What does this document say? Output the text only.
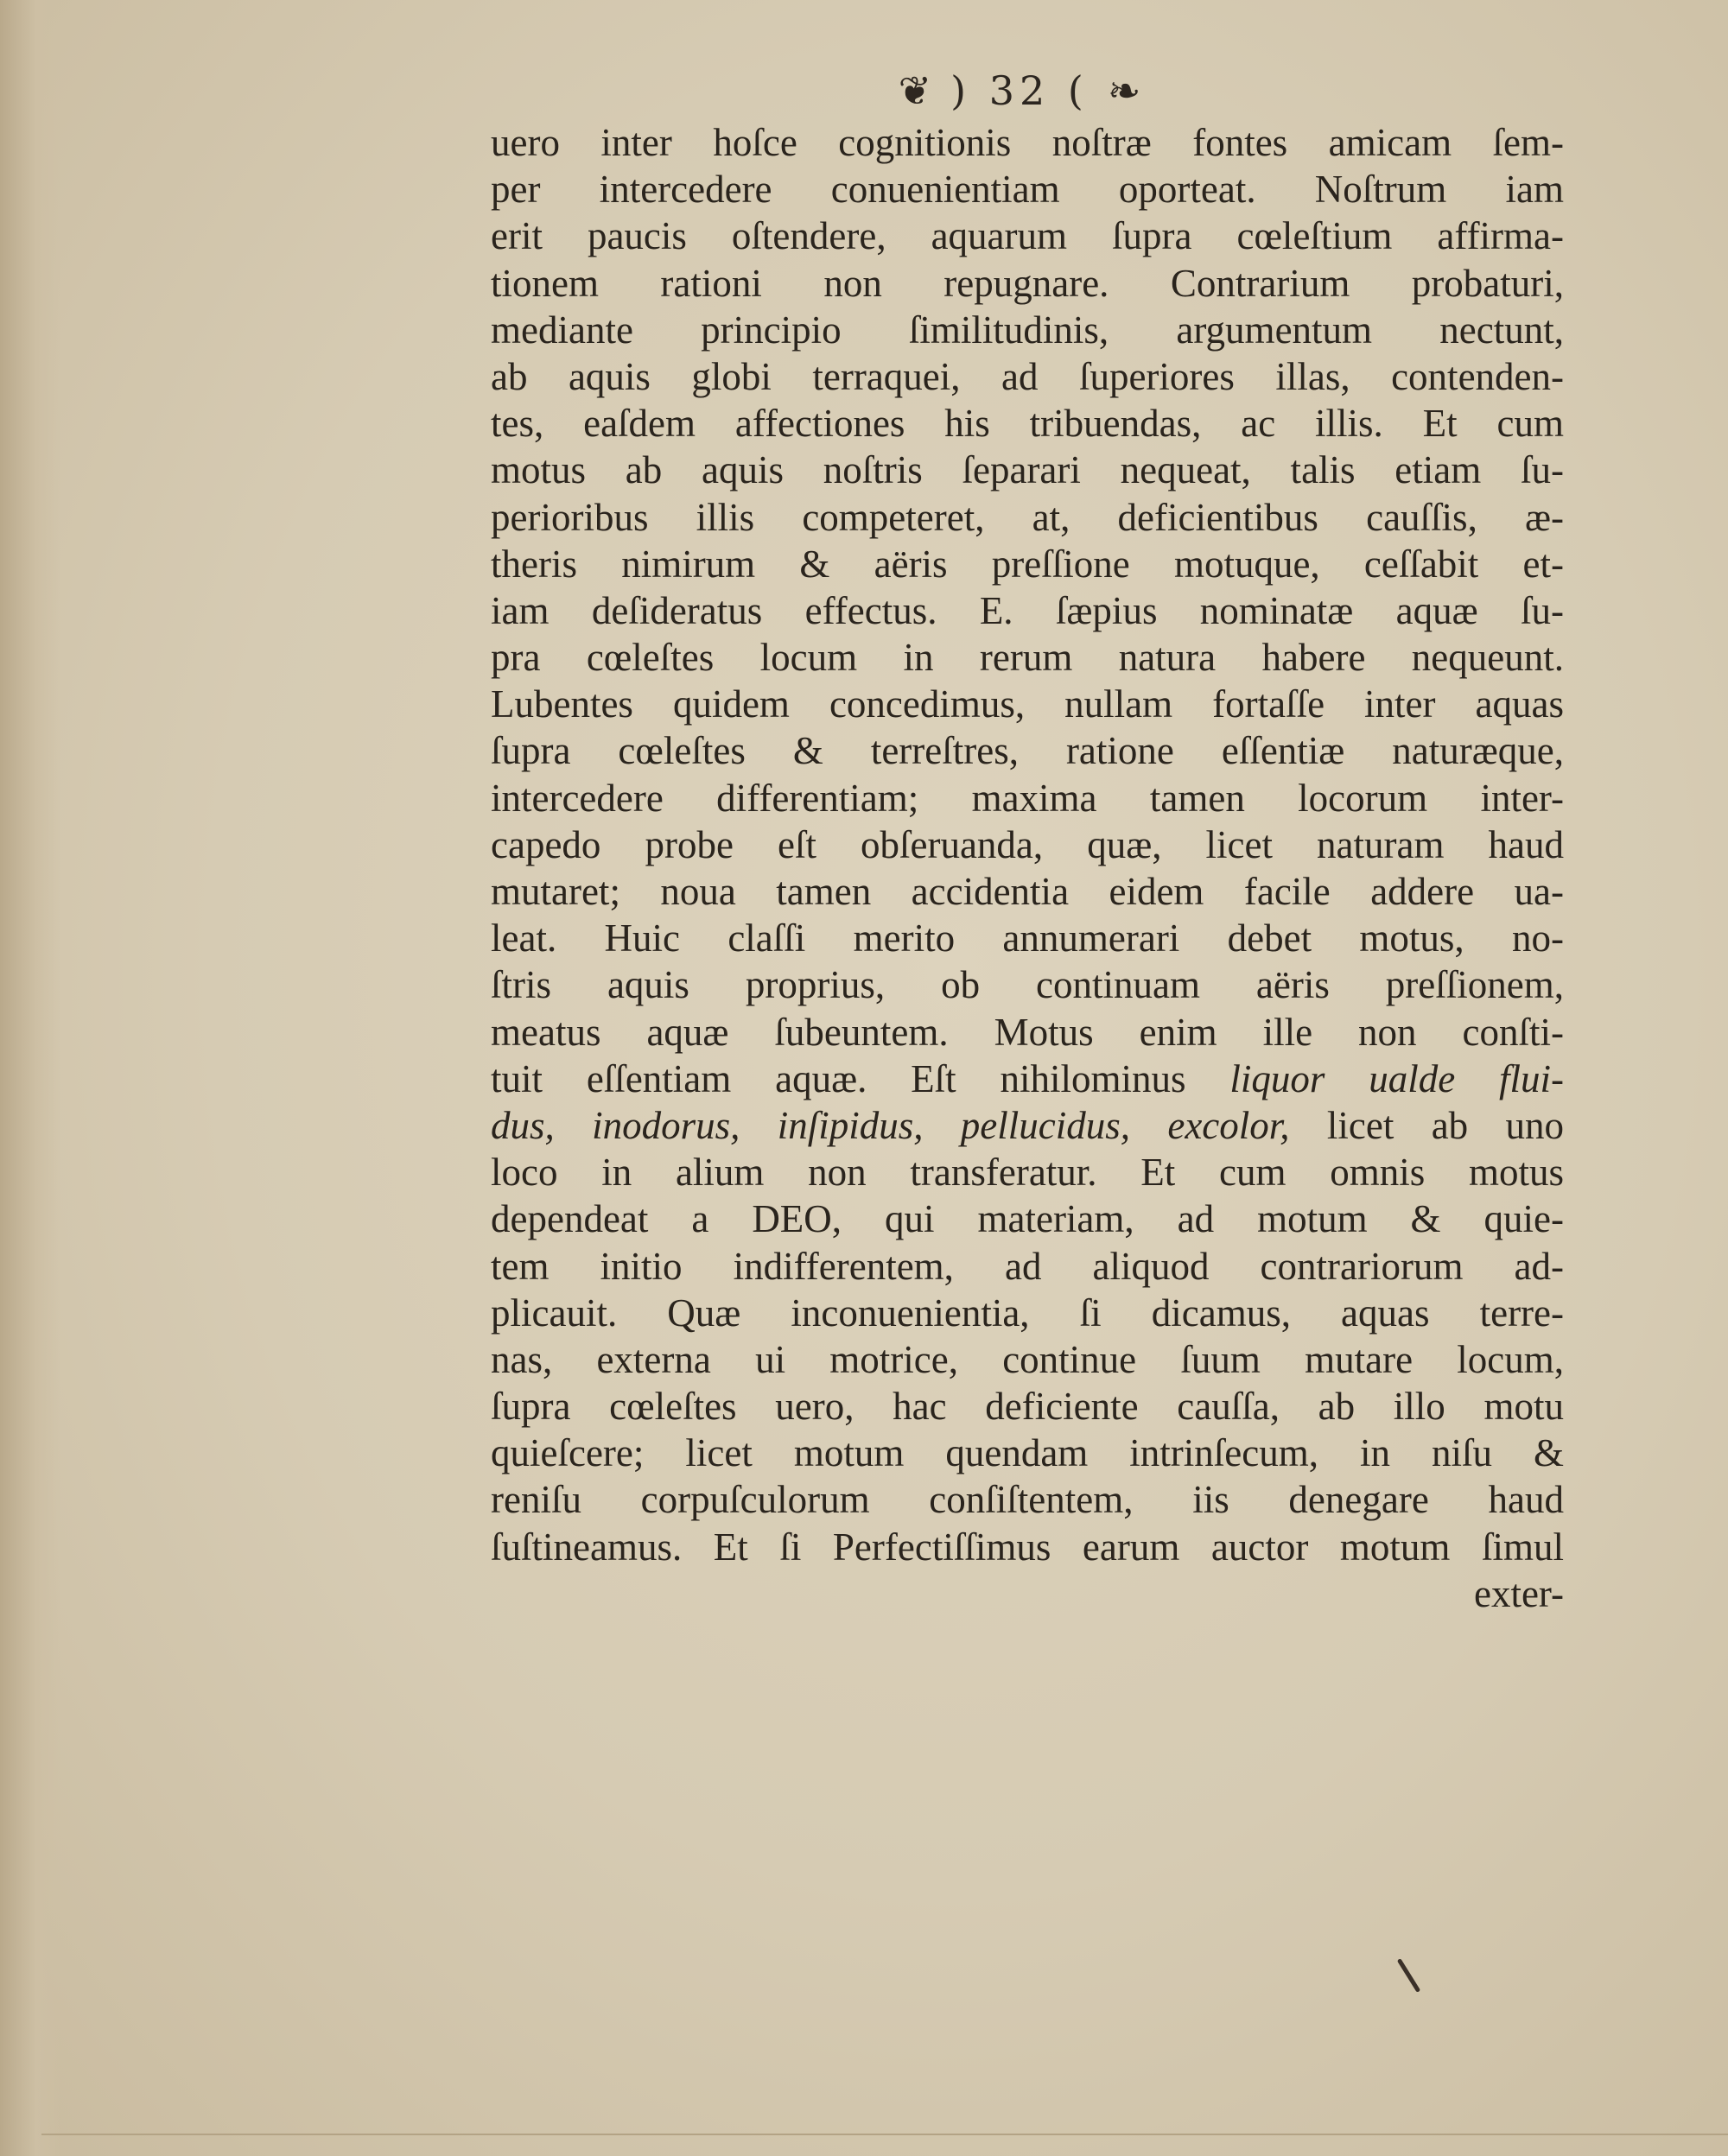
❦ ) 32 ( ❧
uero inter hoſce cognitionis noſtræ fontes amicam ſem-
per intercedere conuenientiam oporteat. Noſtrum iam
erit paucis oſtendere, aquarum ſupra cœleſtium affirma-
tionem rationi non repugnare. Contrarium probaturi,
mediante principio ſimilitudinis, argumentum nectunt,
ab aquis globi terraquei, ad ſuperiores illas, contenden-
tes, eaſdem affectiones his tribuendas, ac illis. Et cum
motus ab aquis noſtris ſeparari nequeat, talis etiam ſu-
perioribus illis competeret, at, deficientibus cauſſis, æ-
theris nimirum & aëris preſſione motuque, ceſſabit et-
iam deſideratus effectus. E. ſæpius nominatæ aquæ ſu-
pra cœleſtes locum in rerum natura habere nequeunt.
Lubentes quidem concedimus, nullam fortaſſe inter aquas
ſupra cœleſtes & terreſtres, ratione eſſentiæ naturæque,
intercedere differentiam; maxima tamen locorum inter-
capedo probe eſt obſeruanda, quæ, licet naturam haud
mutaret; noua tamen accidentia eidem facile addere ua-
leat. Huic claſſi merito annumerari debet motus, no-
ſtris aquis proprius, ob continuam aëris preſſionem,
meatus aquæ ſubeuntem. Motus enim ille non conſti-
tuit eſſentiam aquæ. Eſt nihilominus liquor ualde flui-
dus, inodorus, inſipidus, pellucidus, excolor, licet ab uno
loco in alium non transferatur. Et cum omnis motus
dependeat a DEO, qui materiam, ad motum & quie-
tem initio indifferentem, ad aliquod contrariorum ad-
plicauit. Quæ inconuenientia, ſi dicamus, aquas terre-
nas, externa ui motrice, continue ſuum mutare locum,
ſupra cœleſtes uero, hac deficiente cauſſa, ab illo motu
quieſcere; licet motum quendam intrinſecum, in niſu &
reniſu corpuſculorum conſiſtentem, iis denegare haud
ſuſtineamus. Et ſi Perfectiſſimus earum auctor motum ſimul
exter-
